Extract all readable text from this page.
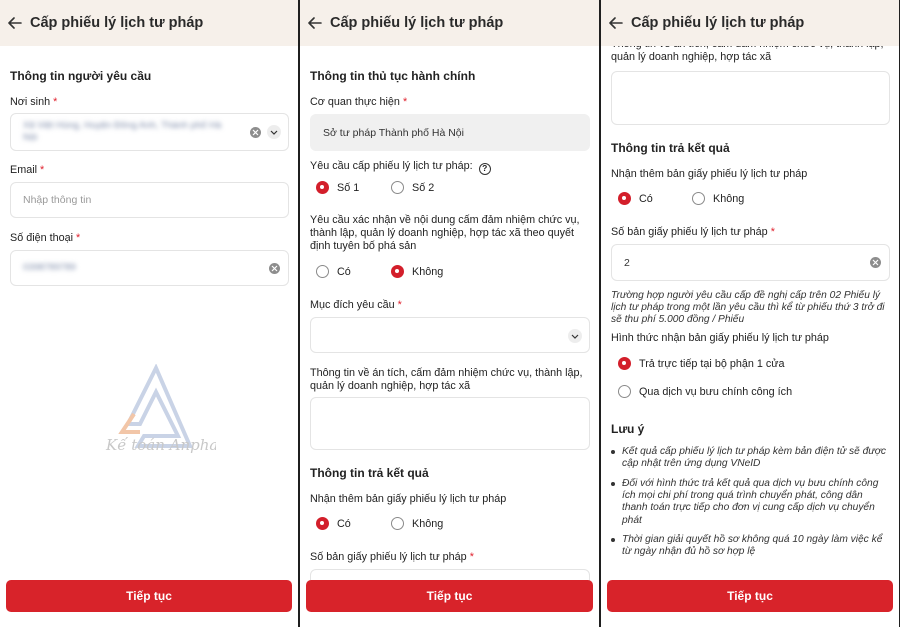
Cấp phiếu lý lịch tư pháp
Thông tin người yêu cầu
Nơi sinh *
Xã Việt Hùng, Huyện Đông Anh, Thành phố Hà Nội
Email *
Nhập thông tin
Số điện thoại *
0398789789
Kế toán Anpha
Tiếp tục
Cấp phiếu lý lịch tư pháp
Thông tin thủ tục hành chính
Cơ quan thực hiện *
Sở tư pháp Thành phố Hà Nội
Yêu cầu cấp phiếu lý lịch tư pháp: ?
Số 1	Số 2
Yêu cầu xác nhận về nội dung cấm đảm nhiệm chức vụ, thành lập, quản lý doanh nghiệp, hợp tác xã theo quyết định tuyên bố phá sản
Có	Không
Mục đích yêu cầu *
Thông tin về án tích, cấm đảm nhiệm chức vụ, thành lập, quản lý doanh nghiệp, hợp tác xã
Thông tin trả kết quả
Nhận thêm bản giấy phiếu lý lịch tư pháp
Có	Không
Số bản giấy phiếu lý lịch tư pháp *
Tiếp tục
quản lý doanh nghiệp, hợp tác xã
Cấp phiếu lý lịch tư pháp
Thông tin trả kết quả
Nhận thêm bản giấy phiếu lý lịch tư pháp
Có	Không
Số bản giấy phiếu lý lịch tư pháp *
2
Trường hợp người yêu cầu cấp đề nghị cấp trên 02 Phiếu lý lịch tư pháp trong một lần yêu cầu thì kể từ phiếu thứ 3 trở đi sẽ thu phí 5.000 đồng / Phiếu
Hình thức nhận bản giấy phiếu lý lịch tư pháp
Trả trực tiếp tại bộ phận 1 cửa
Qua dịch vụ bưu chính công ích
Lưu ý
Kết quả cấp phiếu lý lịch tư pháp kèm bản điện tử sẽ được cập nhật trên ứng dụng VNeID
Đối với hình thức trả kết quả qua dịch vụ bưu chính công ích mọi chi phí trong quá trình chuyển phát, công dân thanh toán trực tiếp cho đơn vị cung cấp dịch vụ chuyển phát
Thời gian giải quyết hồ sơ không quá 10 ngày làm việc kể từ ngày nhận đủ hồ sơ hợp lệ
Tiếp tục
